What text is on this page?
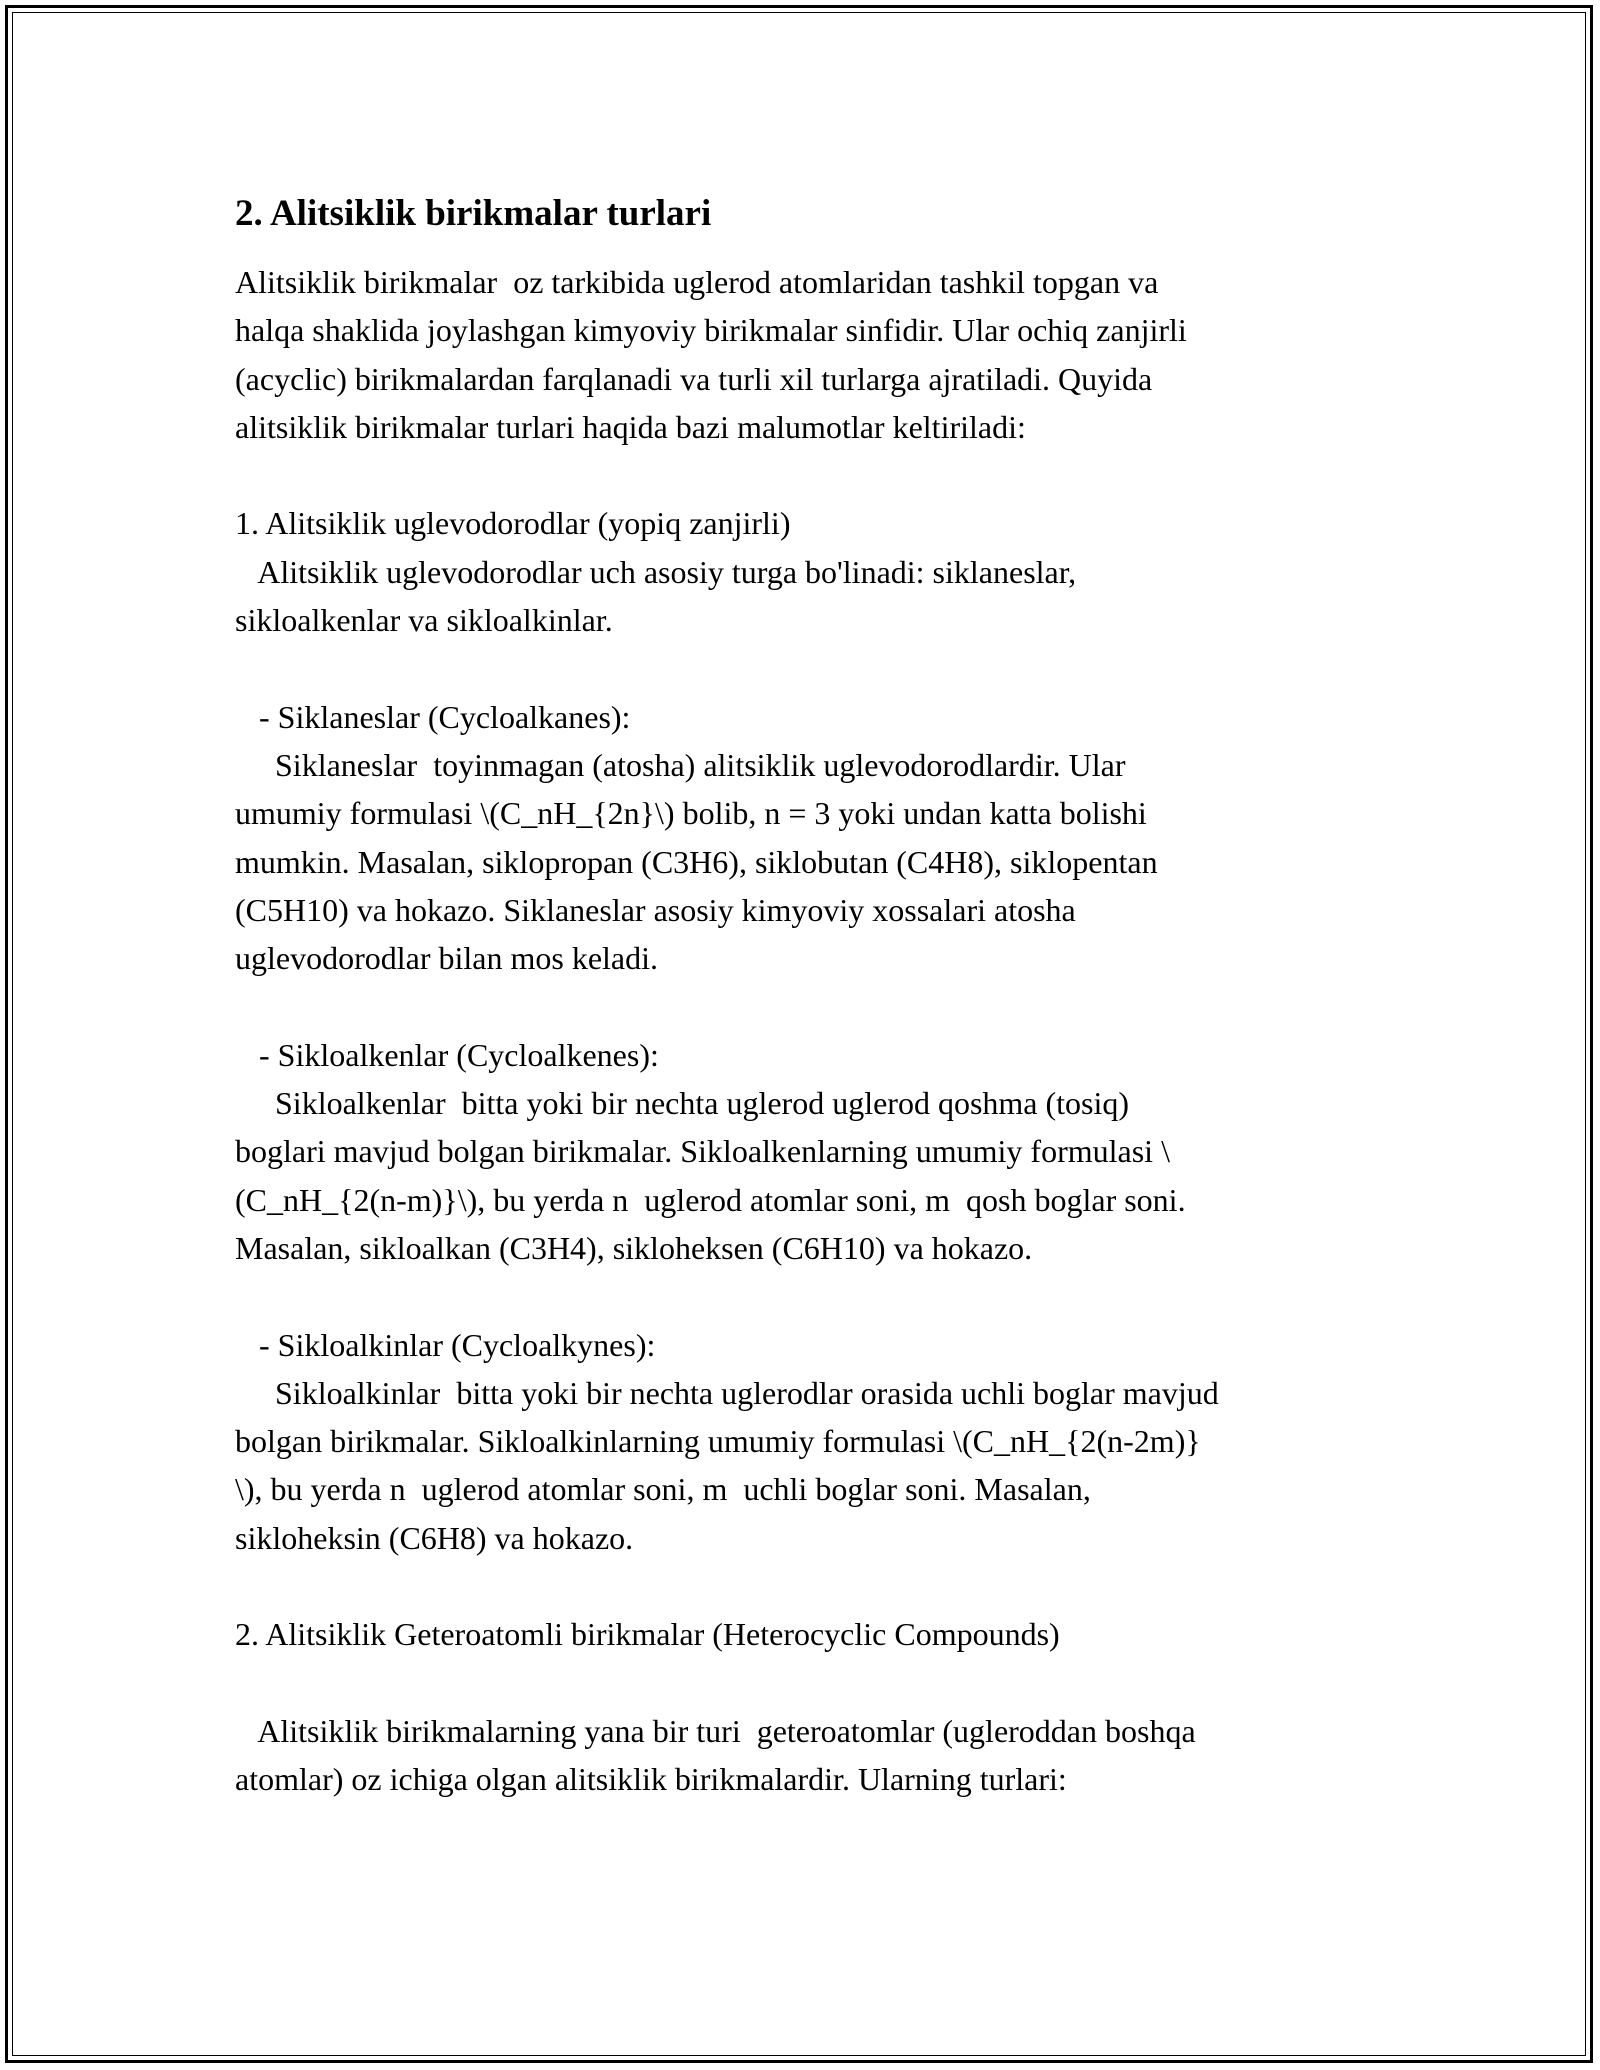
2. Alitsiklik birikmalar turlari
Alitsiklik birikmalar  oz tarkibida uglerod atomlaridan tashkil topgan va
halqa shaklida joylashgan kimyoviy birikmalar sinfidir. Ular ochiq zanjirli
(acyclic) birikmalardan farqlanadi va turli xil turlarga ajratiladi. Quyida
alitsiklik birikmalar turlari haqida bazi malumotlar keltiriladi:
1. Alitsiklik uglevodorodlar (yopiq zanjirli)
Alitsiklik uglevodorodlar uch asosiy turga bo'linadi: siklaneslar,
sikloalkenlar va sikloalkinlar.
- Siklaneslar (Cycloalkanes):
Siklaneslar  toyinmagan (atosha) alitsiklik uglevodorodlardir. Ular
umumiy formulasi \(C_nH_{2n}\) bolib, n = 3 yoki undan katta bolishi
mumkin. Masalan, siklopropan (C3H6), siklobutan (C4H8), siklopentan
(C5H10) va hokazo. Siklaneslar asosiy kimyoviy xossalari atosha
uglevodorodlar bilan mos keladi.
- Sikloalkenlar (Cycloalkenes):
Sikloalkenlar  bitta yoki bir nechta uglerod uglerod qoshma (tosiq)
boglari mavjud bolgan birikmalar. Sikloalkenlarning umumiy formulasi \
(C_nH_{2(n-m)}\), bu yerda n  uglerod atomlar soni, m  qosh boglar soni.
Masalan, sikloalkan (C3H4), sikloheksen (C6H10) va hokazo.
- Sikloalkinlar (Cycloalkynes):
Sikloalkinlar  bitta yoki bir nechta uglerodlar orasida uchli boglar mavjud
bolgan birikmalar. Sikloalkinlarning umumiy formulasi \(C_nH_{2(n-2m)}
\), bu yerda n  uglerod atomlar soni, m  uchli boglar soni. Masalan,
sikloheksin (C6H8) va hokazo.
2. Alitsiklik Geteroatomli birikmalar (Heterocyclic Compounds)
Alitsiklik birikmalarning yana bir turi  geteroatomlar (ugleroddan boshqa
atomlar) oz ichiga olgan alitsiklik birikmalardir. Ularning turlari:
